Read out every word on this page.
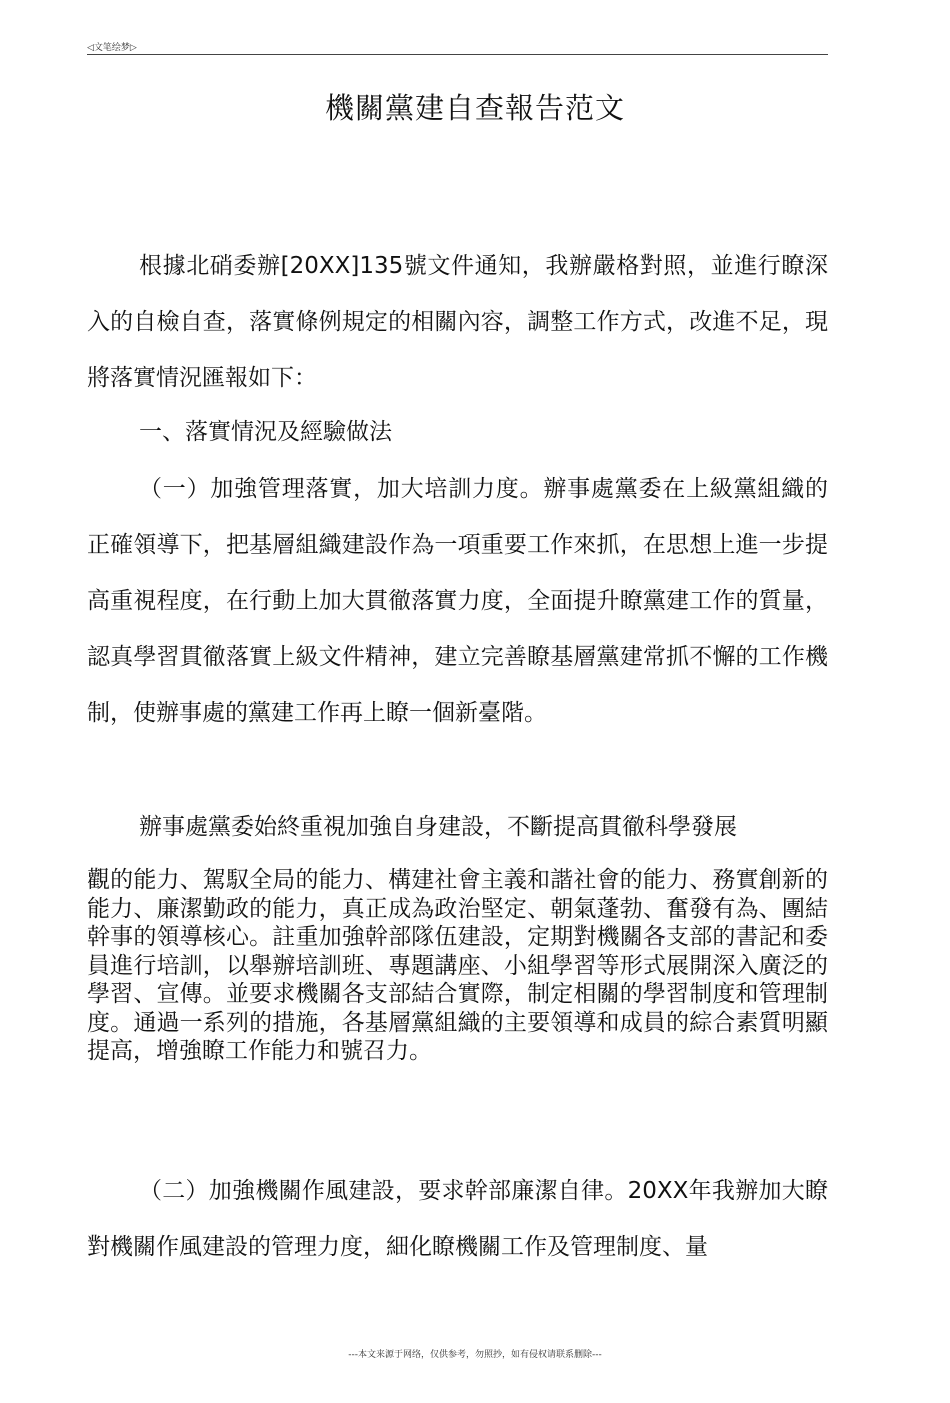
◁文笔绘梦▷
機關黨建自查報告范文

根據北硝委辦[20XX]135號文件通知，我辦嚴格對照，並進行瞭深入的自檢自查，落實條例規定的相關內容，調整工作方式，改進不足，現將落實情況匯報如下：

一、落實情況及經驗做法

（一）加強管理落實，加大培訓力度。辦事處黨委在上級黨組織的正確領導下，把基層組織建設作為一項重要工作來抓，在思想上進一步提高重視程度，在行動上加大貫徹落實力度，全面提升瞭黨建工作的質量，認真學習貫徹落實上級文件精神，建立完善瞭基層黨建常抓不懈的工作機制，使辦事處的黨建工作再上瞭一個新臺階。

辦事處黨委始終重視加強自身建設，不斷提高貫徹科學發展

觀的能力、駕馭全局的能力、構建社會主義和諧社會的能力、務實創新的能力、廉潔勤政的能力，真正成為政治堅定、朝氣蓬勃、奮發有為、團結幹事的領導核心。註重加強幹部隊伍建設，定期對機關各支部的書記和委員進行培訓，以舉辦培訓班、專題講座、小組學習等形式展開深入廣泛的學習、宣傳。並要求機關各支部結合實際，制定相關的學習制度和管理制度。通過一系列的措施，各基層黨組織的主要領導和成員的綜合素質明顯提高，增強瞭工作能力和號召力。

（二）加強機關作風建設，要求幹部廉潔自律。20XX年我辦加大瞭對機關作風建設的管理力度，細化瞭機關工作及管理制度、量

---本文来源于网络，仅供参考，勿照抄，如有侵权请联系删除---
